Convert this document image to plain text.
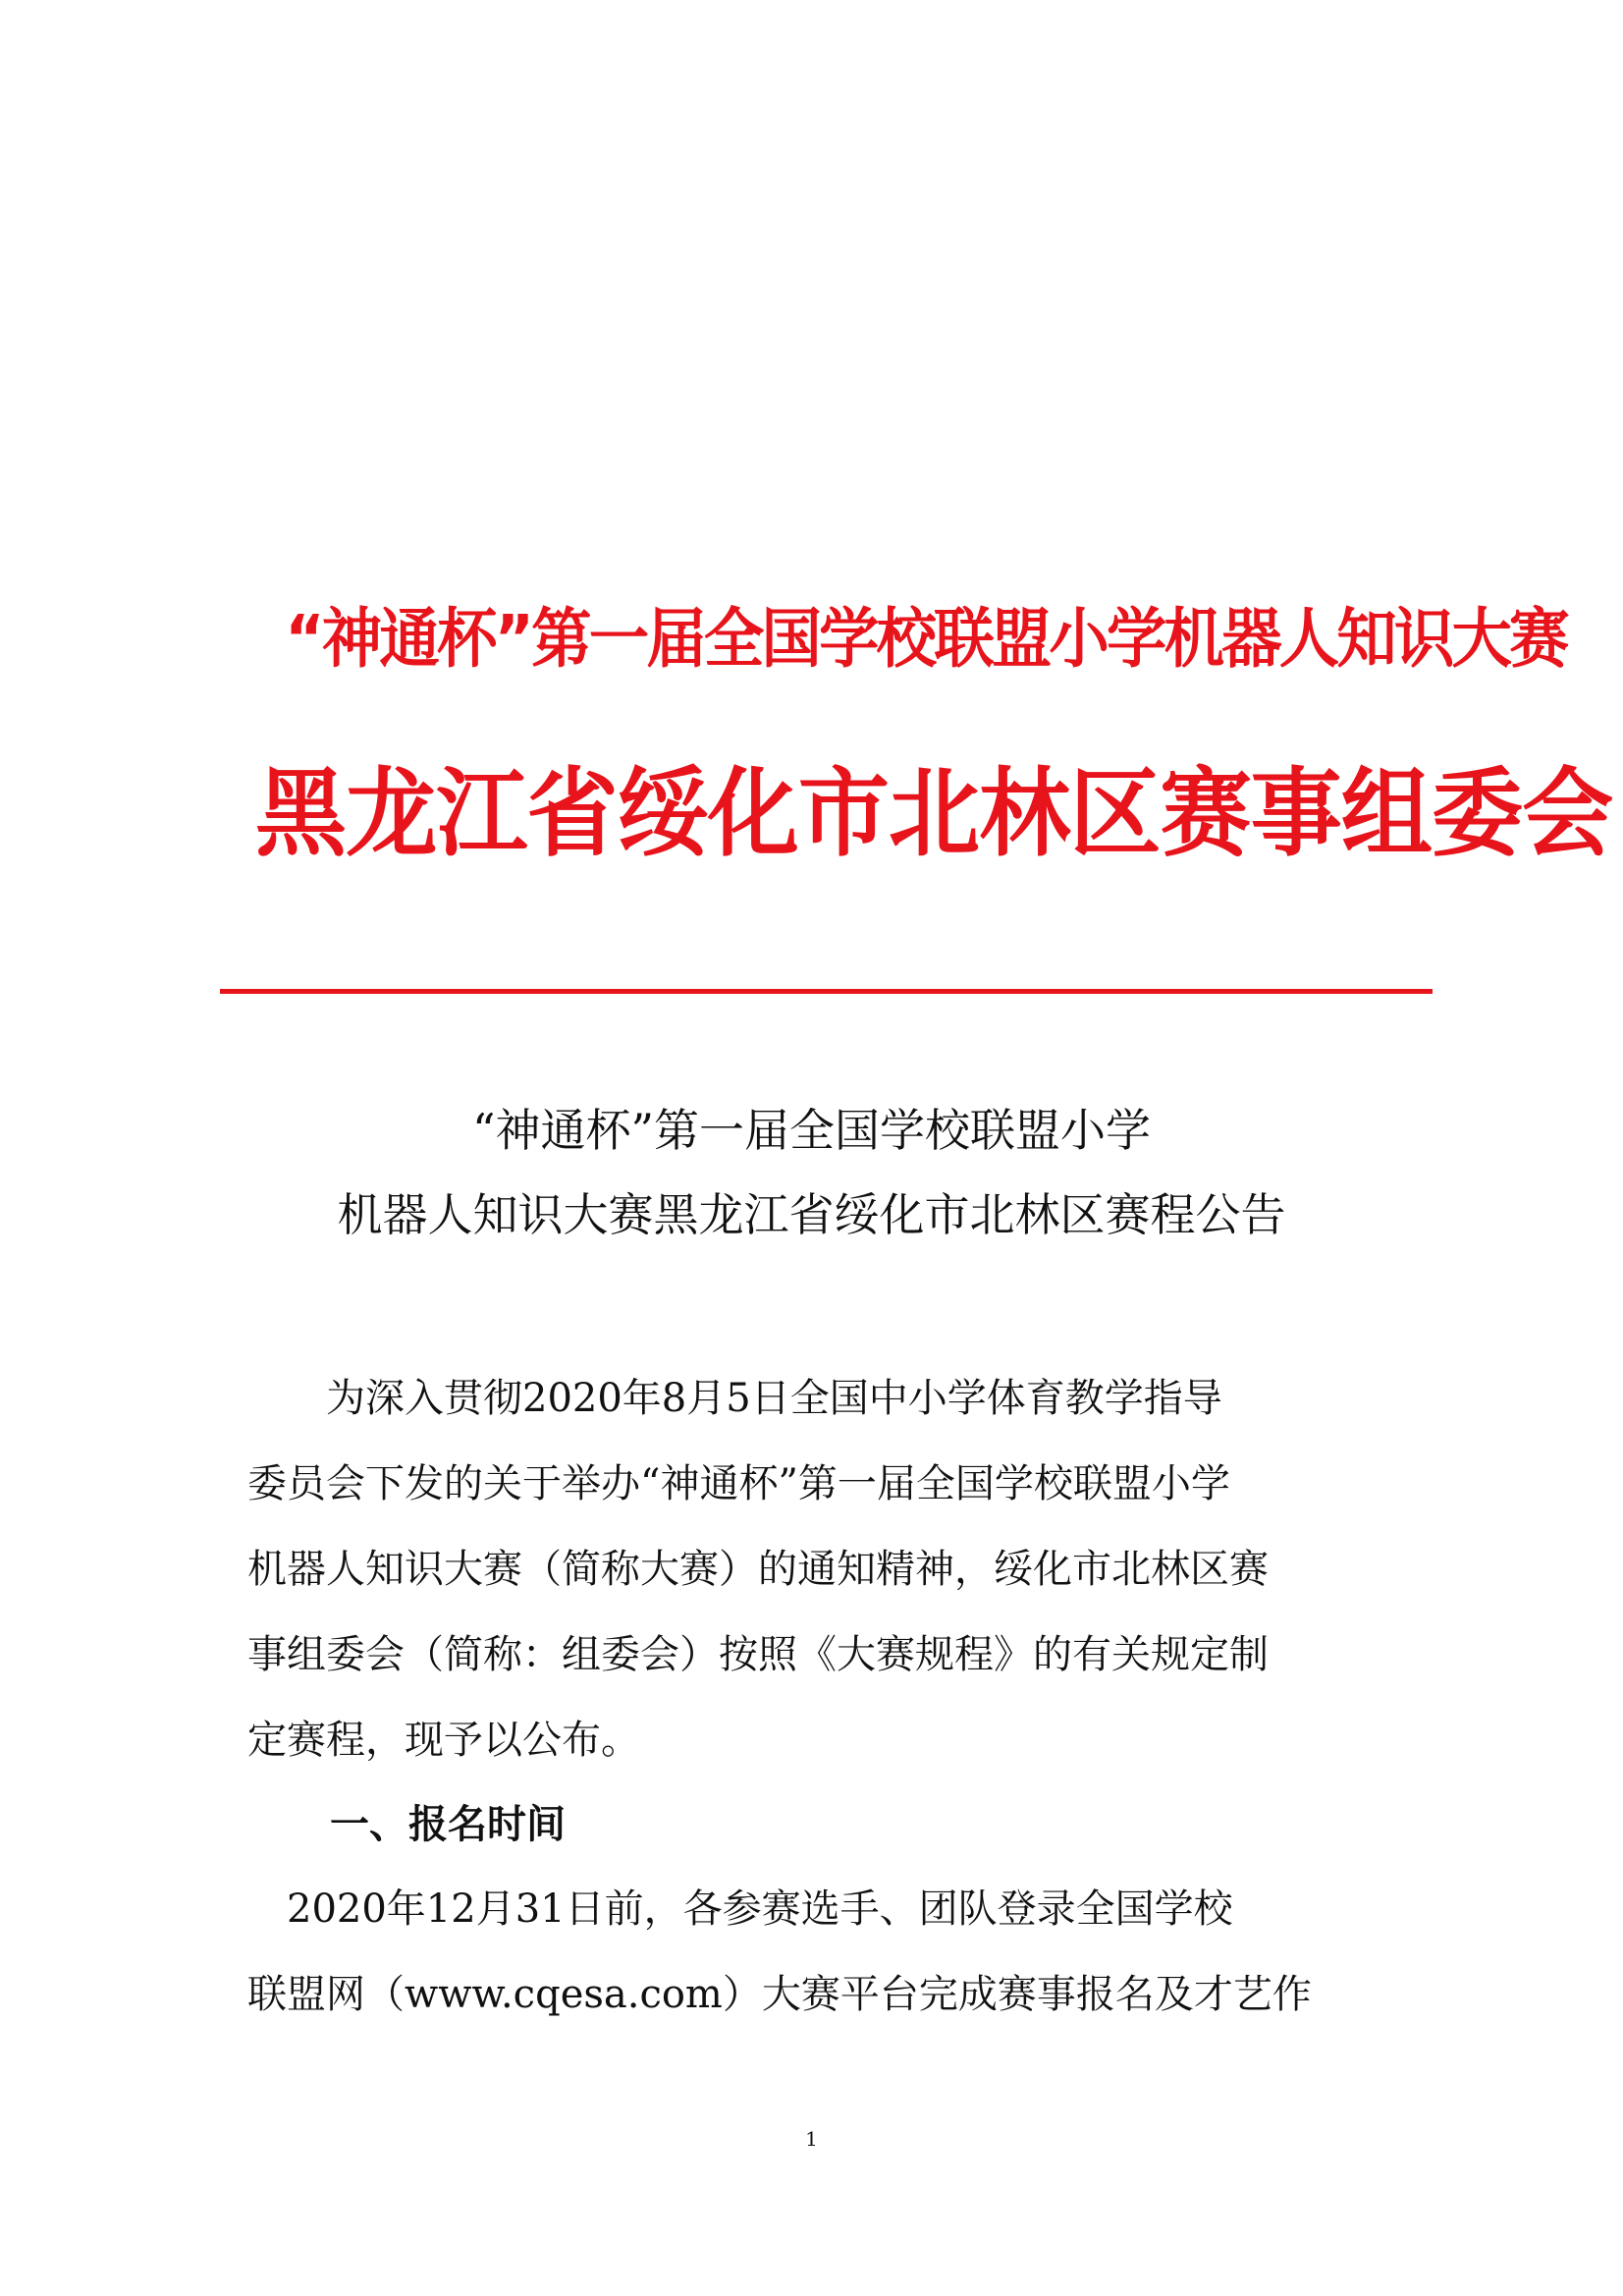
“神通杯”第一届全国学校联盟小学机器人知识大赛
黑龙江省绥化市北林区赛事组委会
“神通杯”第一届全国学校联盟小学
机器人知识大赛黑龙江省绥化市北林区赛程公告
　　为深入贯彻2020年8月5日全国中小学体育教学指导
委员会下发的关于举办“神通杯”第一届全国学校联盟小学
机器人知识大赛（简称大赛）的通知精神，绥化市北林区赛
事组委会（简称：组委会）按照《大赛规程》的有关规定制
定赛程，现予以公布。
一、报名时间
　2020年12月31日前，各参赛选手、团队登录全国学校
联盟网（www.cqesa.com）大赛平台完成赛事报名及才艺作
1
